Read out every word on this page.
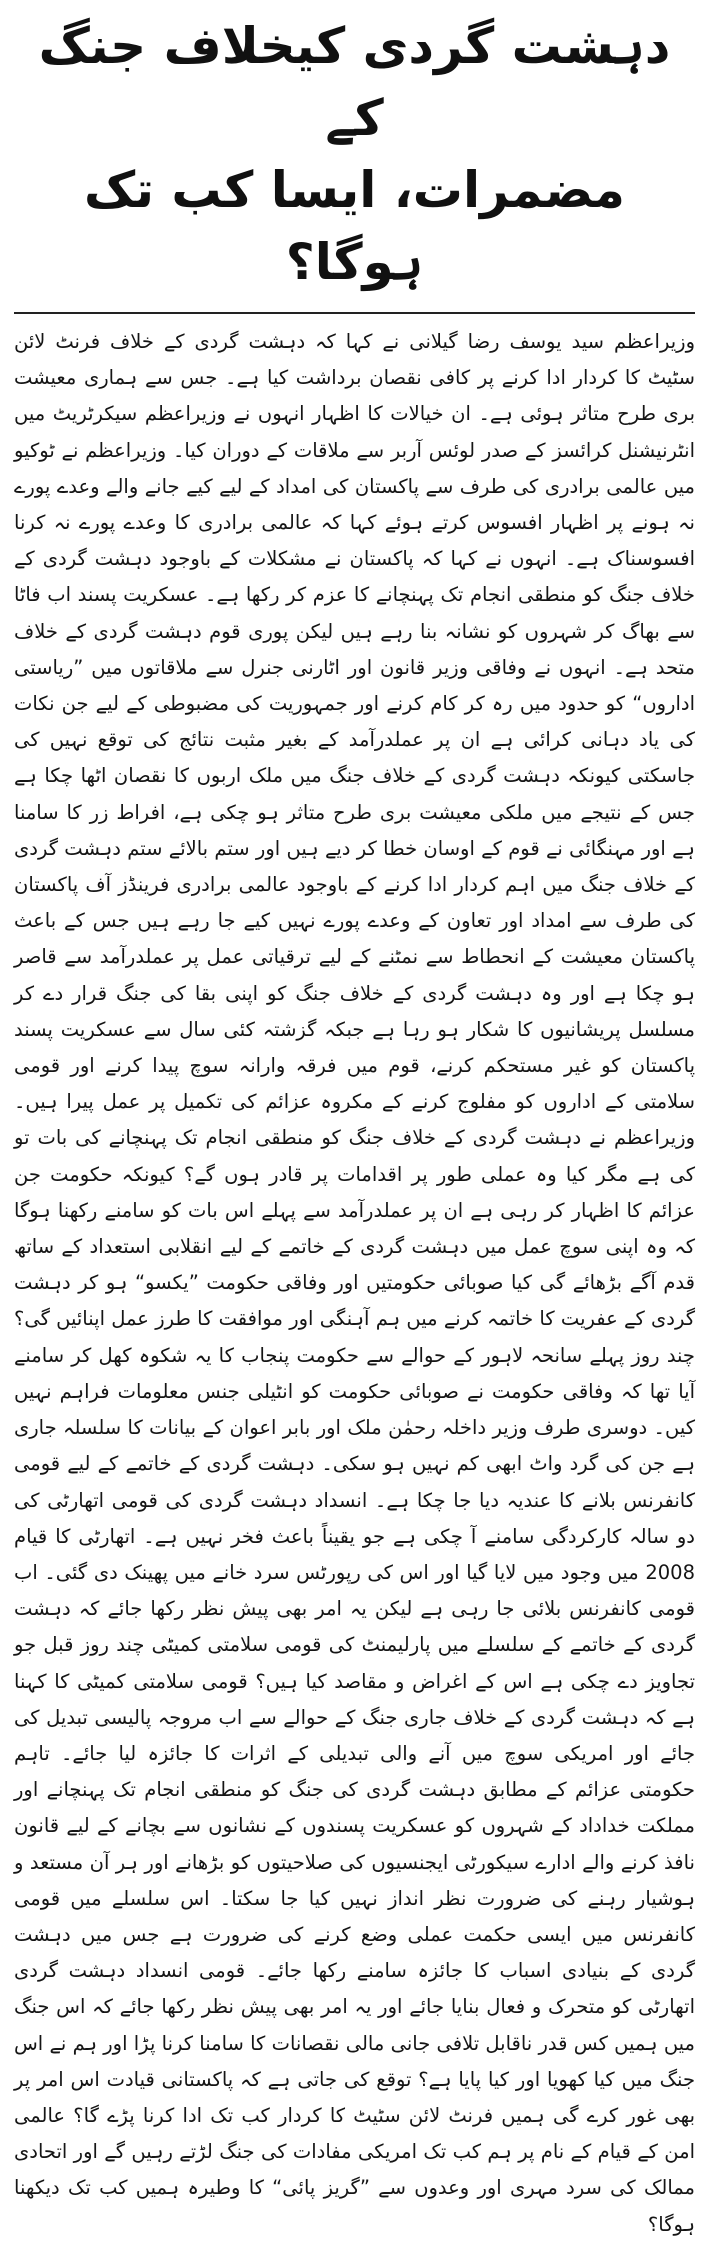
دہشت گردی کیخلاف جنگ کے
مضمرات، ایسا کب تک ہوگا؟

وزیراعظم سید یوسف رضا گیلانی نے کہا کہ دہشت گردی کے خلاف فرنٹ لائن سٹیٹ کا کردار ادا کرنے پر کافی نقصان برداشت کیا ہے۔ جس سے ہماری معیشت بری طرح متاثر ہوئی ہے۔ ان خیالات کا اظہار انہوں نے وزیراعظم سیکرٹریٹ میں انٹرنیشنل کرائسز کے صدر لوئس آربر سے ملاقات کے دوران کیا۔ وزیراعظم نے ٹوکیو میں عالمی برادری کی طرف سے پاکستان کی امداد کے لیے کیے جانے والے وعدے پورے نہ ہونے پر اظہار افسوس کرتے ہوئے کہا کہ عالمی برادری کا وعدے پورے نہ کرنا افسوسناک ہے۔ انہوں نے کہا کہ پاکستان نے مشکلات کے باوجود دہشت گردی کے خلاف جنگ کو منطقی انجام تک پہنچانے کا عزم کر رکھا ہے۔ عسکریت پسند اب فاٹا سے بھاگ کر شہروں کو نشانہ بنا رہے ہیں لیکن پوری قوم دہشت گردی کے خلاف متحد ہے۔ انہوں نے وفاقی وزیر قانون اور اٹارنی جنرل سے ملاقاتوں میں ”ریاستی اداروں“ کو حدود میں رہ کر کام کرنے اور جمہوریت کی مضبوطی کے لیے جن نکات کی یاد دہانی کرائی ہے ان پر عملدرآمد کے بغیر مثبت نتائج کی توقع نہیں کی جاسکتی کیونکہ دہشت گردی کے خلاف جنگ میں ملک اربوں کا نقصان اٹھا چکا ہے جس کے نتیجے میں ملکی معیشت بری طرح متاثر ہو چکی ہے، افراط زر کا سامنا ہے اور مہنگائی نے قوم کے اوسان خطا کر دیے ہیں اور ستم بالائے ستم دہشت گردی کے خلاف جنگ میں اہم کردار ادا کرنے کے باوجود عالمی برادری فرینڈز آف پاکستان کی طرف سے امداد اور تعاون کے وعدے پورے نہیں کیے جا رہے ہیں جس کے باعث پاکستان معیشت کے انحطاط سے نمٹنے کے لیے ترقیاتی عمل پر عملدرآمد سے قاصر ہو چکا ہے اور وہ دہشت گردی کے خلاف جنگ کو اپنی بقا کی جنگ قرار دے کر مسلسل پریشانیوں کا شکار ہو رہا ہے جبکہ گزشتہ کئی سال سے عسکریت پسند پاکستان کو غیر مستحکم کرنے، قوم میں فرقہ وارانہ سوچ پیدا کرنے اور قومی سلامتی کے اداروں کو مفلوج کرنے کے مکروہ عزائم کی تکمیل پر عمل پیرا ہیں۔ وزیراعظم نے دہشت گردی کے خلاف جنگ کو منطقی انجام تک پہنچانے کی بات تو کی ہے مگر کیا وہ عملی طور پر اقدامات پر قادر ہوں گے؟ کیونکہ حکومت جن عزائم کا اظہار کر رہی ہے ان پر عملدرآمد سے پہلے اس بات کو سامنے رکھنا ہوگا کہ وہ اپنی سوچ عمل میں دہشت گردی کے خاتمے کے لیے انقلابی استعداد کے ساتھ قدم آگے بڑھائے گی کیا صوبائی حکومتیں اور وفاقی حکومت ”یکسو“ ہو کر دہشت گردی کے عفریت کا خاتمہ کرنے میں ہم آہنگی اور موافقت کا طرز عمل اپنائیں گی؟ چند روز پہلے سانحہ لاہور کے حوالے سے حکومت پنجاب کا یہ شکوہ کھل کر سامنے آیا تھا کہ وفاقی حکومت نے صوبائی حکومت کو انٹیلی جنس معلومات فراہم نہیں کیں۔ دوسری طرف وزیر داخلہ رحمٰن ملک اور بابر اعوان کے بیانات کا سلسلہ جاری ہے جن کی گرد واٹ ابھی کم نہیں ہو سکی۔ دہشت گردی کے خاتمے کے لیے قومی کانفرنس بلانے کا عندیہ دیا جا چکا ہے۔ انسداد دہشت گردی کی قومی اتھارٹی کی دو سالہ کارکردگی سامنے آ چکی ہے جو یقیناً باعث فخر نہیں ہے۔ اتھارٹی کا قیام 2008 میں وجود میں لایا گیا اور اس کی رپورٹس سرد خانے میں پھینک دی گئی۔ اب قومی کانفرنس بلائی جا رہی ہے لیکن یہ امر بھی پیش نظر رکھا جائے کہ دہشت گردی کے خاتمے کے سلسلے میں پارلیمنٹ کی قومی سلامتی کمیٹی چند روز قبل جو تجاویز دے چکی ہے اس کے اغراض و مقاصد کیا ہیں؟ قومی سلامتی کمیٹی کا کہنا ہے کہ دہشت گردی کے خلاف جاری جنگ کے حوالے سے اب مروجہ پالیسی تبدیل کی جائے اور امریکی سوچ میں آنے والی تبدیلی کے اثرات کا جائزہ لیا جائے۔ تاہم حکومتی عزائم کے مطابق دہشت گردی کی جنگ کو منطقی انجام تک پہنچانے اور مملکت خداداد کے شہروں کو عسکریت پسندوں کے نشانوں سے بچانے کے لیے قانون نافذ کرنے والے ادارے سیکورٹی ایجنسیوں کی صلاحیتوں کو بڑھانے اور ہر آن مستعد و ہوشیار رہنے کی ضرورت نظر انداز نہیں کیا جا سکتا۔ اس سلسلے میں قومی کانفرنس میں ایسی حکمت عملی وضع کرنے کی ضرورت ہے جس میں دہشت گردی کے بنیادی اسباب کا جائزہ سامنے رکھا جائے۔ قومی انسداد دہشت گردی اتھارٹی کو متحرک و فعال بنایا جائے اور یہ امر بھی پیش نظر رکھا جائے کہ اس جنگ میں ہمیں کس قدر ناقابل تلافی جانی مالی نقصانات کا سامنا کرنا پڑا اور ہم نے اس جنگ میں کیا کھویا اور کیا پایا ہے؟ توقع کی جاتی ہے کہ پاکستانی قیادت اس امر پر بھی غور کرے گی ہمیں فرنٹ لائن سٹیٹ کا کردار کب تک ادا کرنا پڑے گا؟ عالمی امن کے قیام کے نام پر ہم کب تک امریکی مفادات کی جنگ لڑتے رہیں گے اور اتحادی ممالک کی سرد مہری اور وعدوں سے ”گریز پائی“ کا وطیرہ ہمیں کب تک دیکھنا ہوگا؟
